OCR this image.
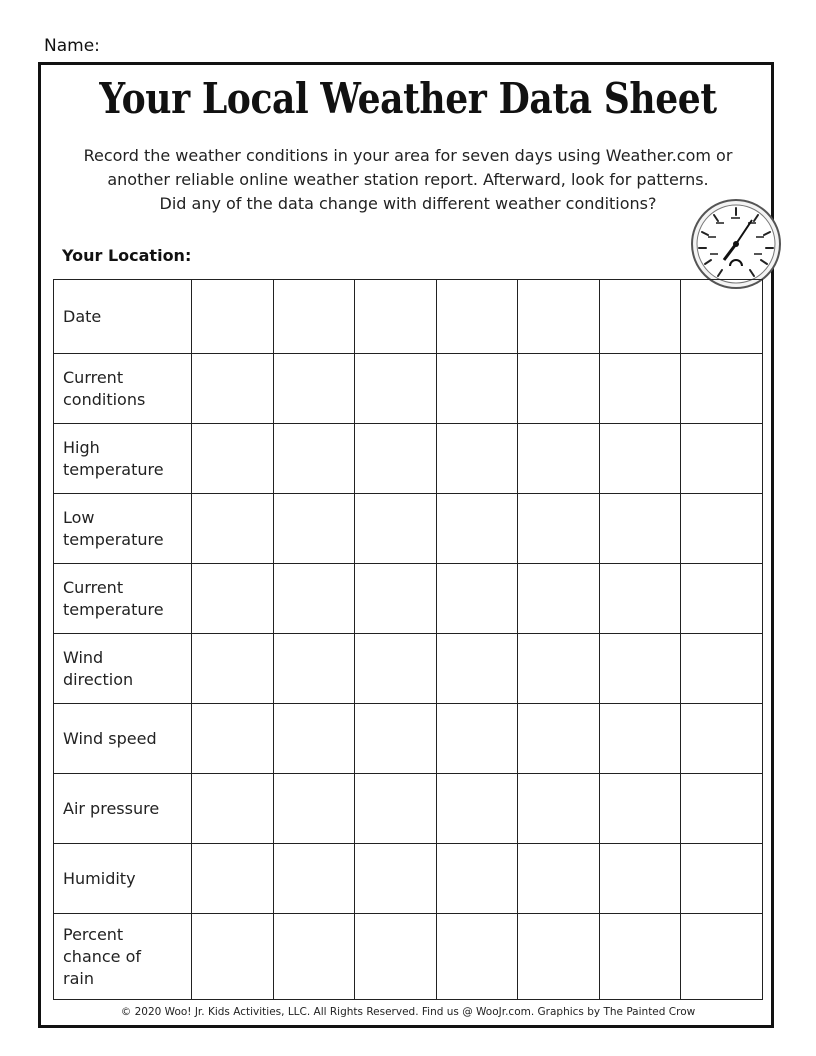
Name:
Your Local Weather Data Sheet
Record the weather conditions in your area for seven days using Weather.com or
another reliable online weather station report. Afterward, look for patterns.
Did any of the data change with different weather conditions?
Your Location:
Date							

Current
conditions							

High
temperature							

Low
temperature							

Current
temperature							

Wind
direction							

Wind speed							

Air pressure							

Humidity							

Percent
chance of
rain							

© 2020 Woo! Jr. Kids Activities, LLC. All Rights Reserved. Find us @ WooJr.com. Graphics by The Painted Crow
